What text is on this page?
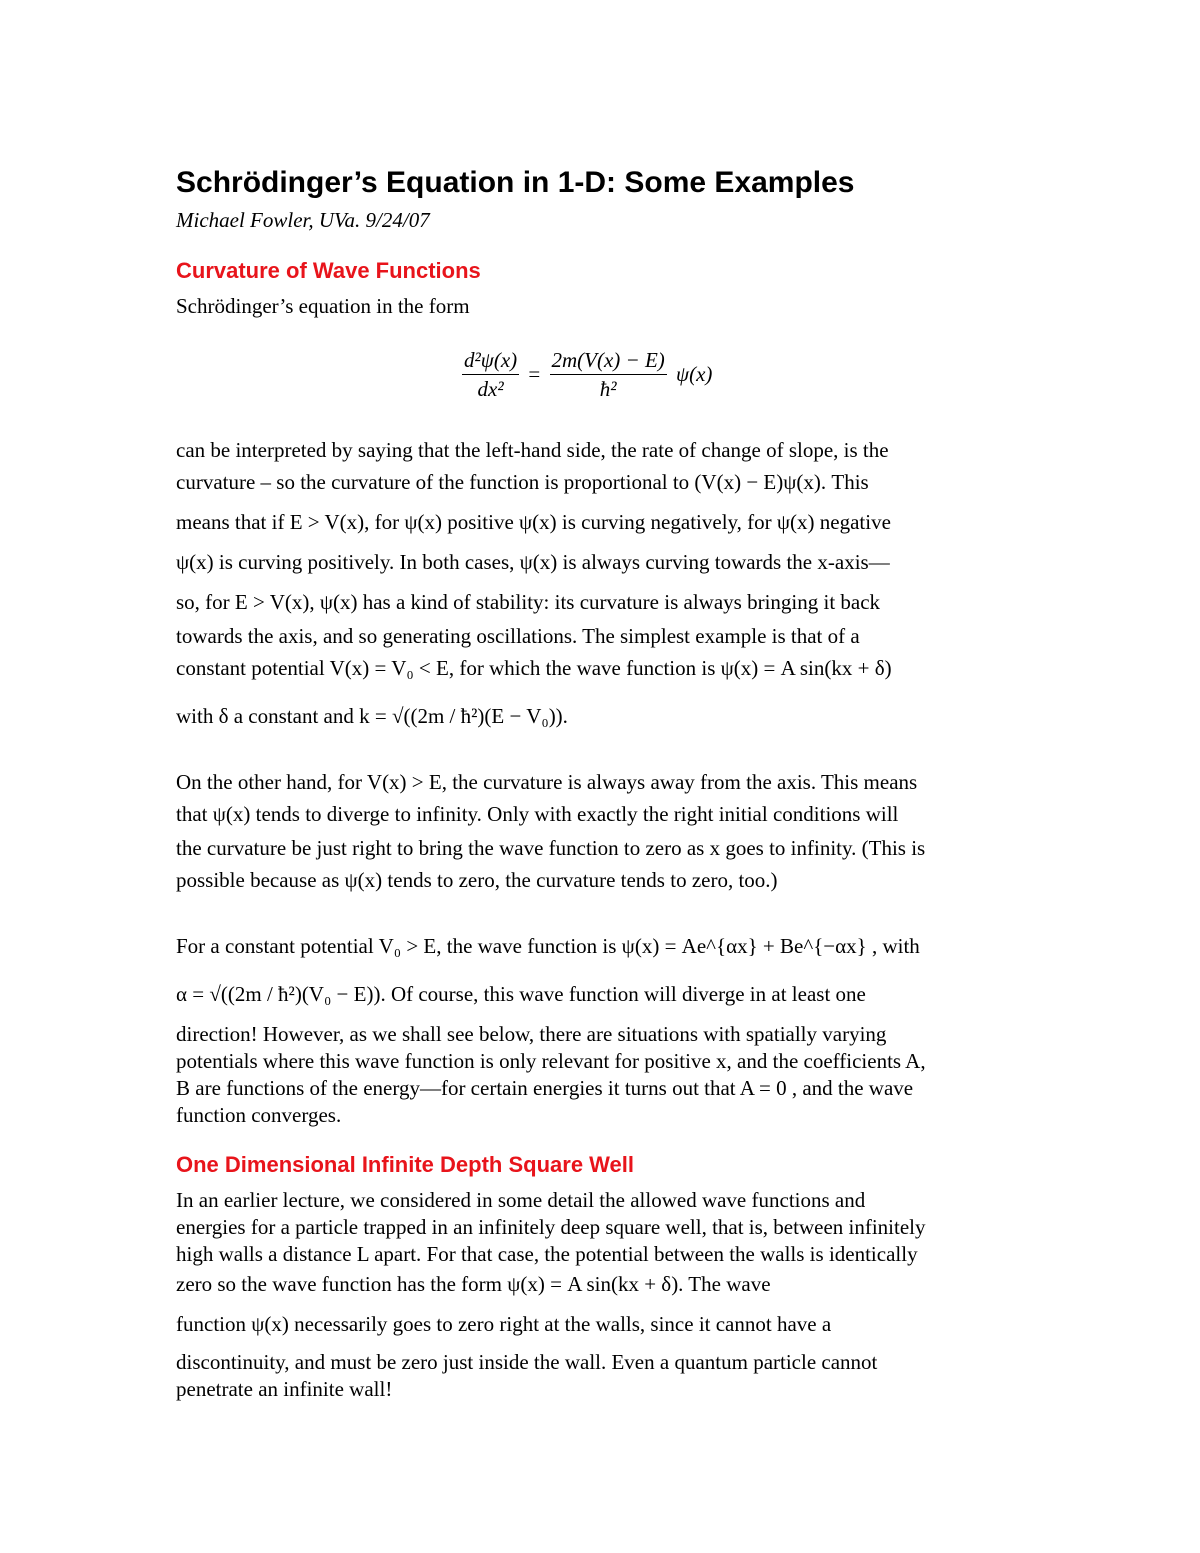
Schrödinger’s Equation in 1-D: Some Examples
Michael Fowler, UVa. 9/24/07
Curvature of Wave Functions
Schrödinger’s equation in the form
$\frac{\text{d²ψ(x)}}{\text{dx²}} = \frac{2m(V(x) - E)}{\text{ħ²}} \psi(x)$
can be interpreted by saying that the left-hand side, the rate of change of slope, is the
curvature – so the curvature of the function is proportional to (V(x) − E)ψ(x). This
means that if E > V(x), for ψ(x) positive ψ(x) is curving negatively, for ψ(x) negative
ψ(x) is curving positively. In both cases, ψ(x) is always curving towards the x-axis—
so, for E > V(x), ψ(x) has a kind of stability: its curvature is always bringing it back
towards the axis, and so generating oscillations. The simplest example is that of a
constant potential V(x) = V₀ < E, for which the wave function is ψ(x) = A sin(kx + δ)
with δ a constant and k = √((2m / ħ²)(E − V₀)).
On the other hand, for V(x) > E, the curvature is always away from the axis. This means
that ψ(x) tends to diverge to infinity. Only with exactly the right initial conditions will
the curvature be just right to bring the wave function to zero as x goes to infinity. (This is
possible because as ψ(x) tends to zero, the curvature tends to zero, too.)
For a constant potential V₀ > E, the wave function is ψ(x) = Ae^{αx} + Be^{−αx} , with
α = √((2m / ħ²)(V₀ − E)). Of course, this wave function will diverge in at least one
direction! However, as we shall see below, there are situations with spatially varying
potentials where this wave function is only relevant for positive x, and the coefficients A,
B are functions of the energy—for certain energies it turns out that A = 0 , and the wave
function converges.
One Dimensional Infinite Depth Square Well
In an earlier lecture, we considered in some detail the allowed wave functions and
energies for a particle trapped in an infinitely deep square well, that is, between infinitely
high walls a distance L apart. For that case, the potential between the walls is identically
zero so the wave function has the form ψ(x) = A sin(kx + δ). The wave
function ψ(x) necessarily goes to zero right at the walls, since it cannot have a
discontinuity, and must be zero just inside the wall. Even a quantum particle cannot
penetrate an infinite wall!
